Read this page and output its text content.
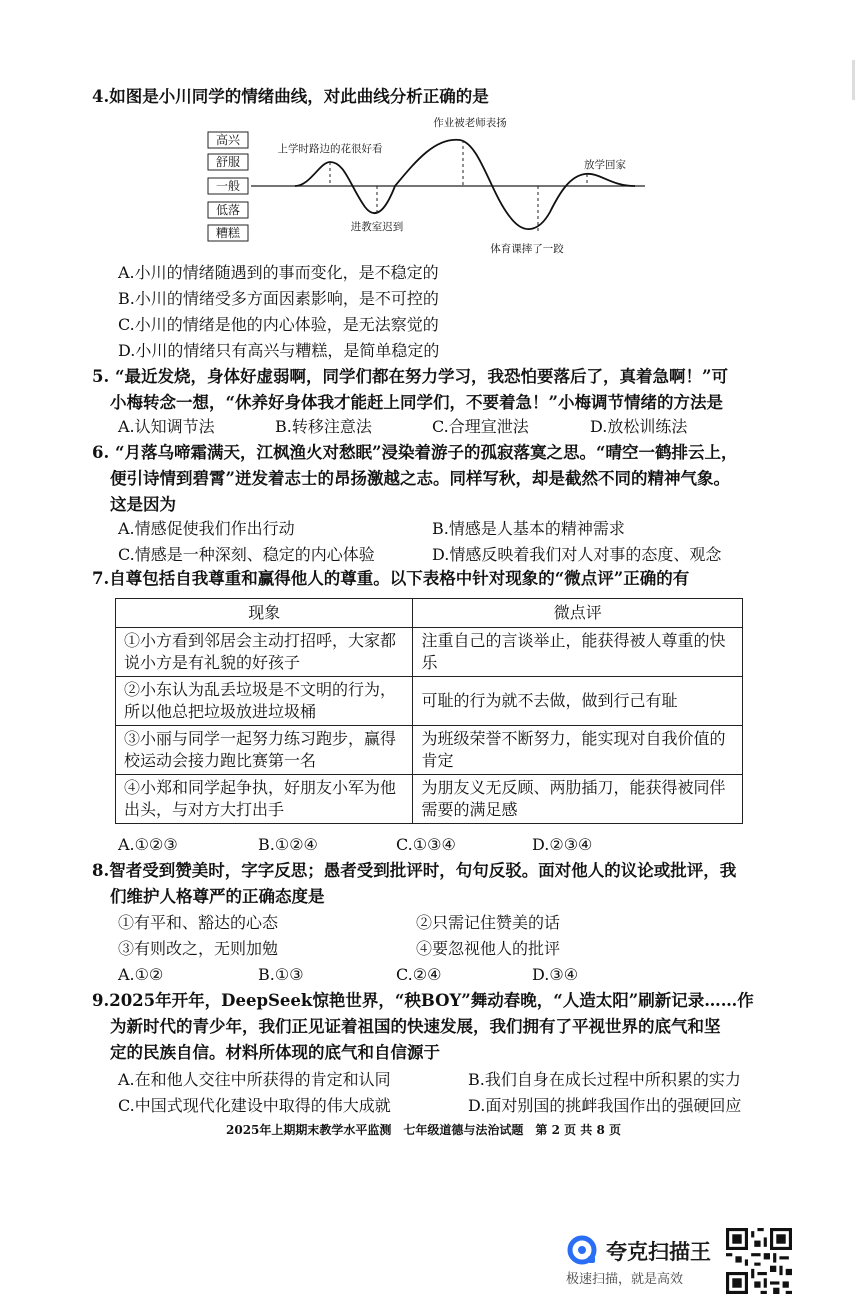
4.如图是小川同学的情绪曲线，对此曲线分析正确的是
高兴
舒服
一般
低落
糟糕
上学时路边的花很好看
作业被老师表扬
放学回家
进教室迟到
体育课摔了一跤
A.小川的情绪随遇到的事而变化，是不稳定的
B.小川的情绪受多方面因素影响，是不可控的
C.小川的情绪是他的内心体验，是无法察觉的
D.小川的情绪只有高兴与糟糕，是简单稳定的
5. “最近发烧，身体好虚弱啊，同学们都在努力学习，我恐怕要落后了，真着急啊！”可
小梅转念一想，“休养好身体我才能赶上同学们，不要着急！”小梅调节情绪的方法是
A.认知调节法	B.转移注意法	C.合理宣泄法	D.放松训练法
6. “月落乌啼霜满天，江枫渔火对愁眠”浸染着游子的孤寂落寞之思。“晴空一鹤排云上，
便引诗情到碧霄”迸发着志士的昂扬激越之志。同样写秋，却是截然不同的精神气象。
这是因为
A.情感促使我们作出行动	B.情感是人基本的精神需求
C.情感是一种深刻、稳定的内心体验	D.情感反映着我们对人对事的态度、观念
7.自尊包括自我尊重和赢得他人的尊重。以下表格中针对现象的“微点评”正确的有
现象	微点评
①小方看到邻居会主动打招呼，大家都说小方是有礼貌的好孩子	注重自己的言谈举止，能获得被人尊重的快乐
②小东认为乱丢垃圾是不文明的行为，所以他总把垃圾放进垃圾桶	可耻的行为就不去做，做到行己有耻
③小丽与同学一起努力练习跑步，赢得校运动会接力跑比赛第一名	为班级荣誉不断努力，能实现对自我价值的肯定
④小郑和同学起争执，好朋友小军为他出头，与对方大打出手	为朋友义无反顾、两肋插刀，能获得被同伴需要的满足感
A.①②③	B.①②④	C.①③④	D.②③④
8.智者受到赞美时，字字反思；愚者受到批评时，句句反驳。面对他人的议论或批评，我
们维护人格尊严的正确态度是
①有平和、豁达的心态	②只需记住赞美的话
③有则改之，无则加勉	④要忽视他人的批评
A.①②	B.①③	C.②④	D.③④
9.2025年开年，DeepSeek惊艳世界，“秧BOY”舞动春晚，“人造太阳”刷新记录……作
为新时代的青少年，我们正见证着祖国的快速发展，我们拥有了平视世界的底气和坚
定的民族自信。材料所体现的底气和自信源于
A.在和他人交往中所获得的肯定和认同	B.我们自身在成长过程中所积累的实力
C.中国式现代化建设中取得的伟大成就	D.面对别国的挑衅我国作出的强硬回应
2025年上期期末教学水平监测　七年级道德与法治试题　第 2 页 共 8 页
夸克扫描王
极速扫描，就是高效
